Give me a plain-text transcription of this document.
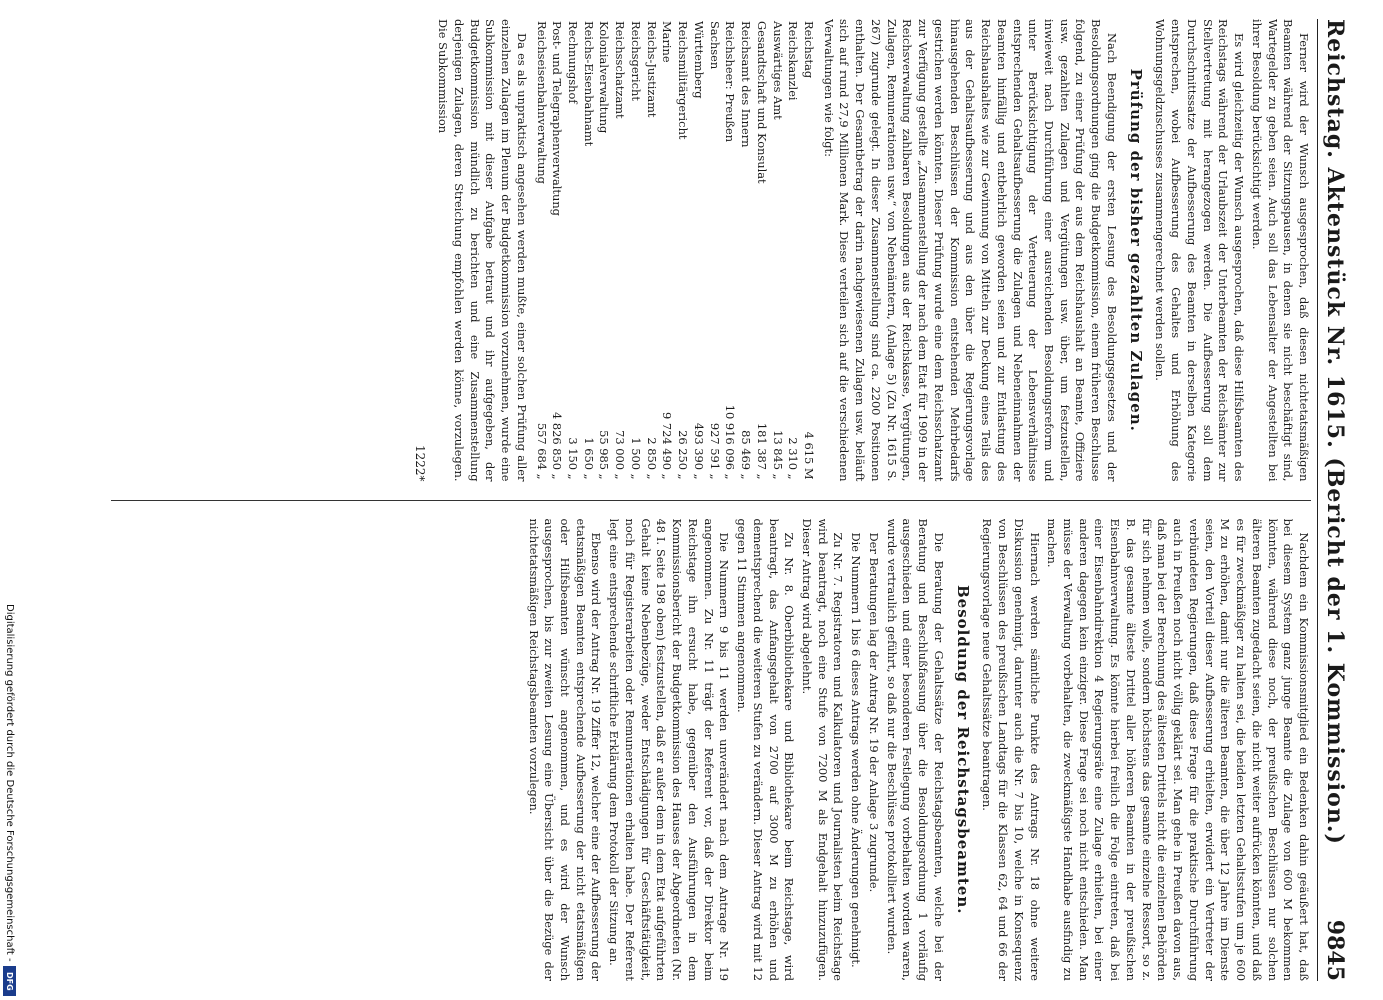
Reichstag. Aktenstück Nr. 1615. (Bericht der 1. Kommission.)
9845

Ferner wird der Wunsch ausgesprochen, daß diesen nichtetatsmäßigen Beamten während der Sitzungspausen, in denen sie nicht beschäftigt sind, Wartegelder zu geben seien. Auch soll das Lebensalter der Angestellten bei ihrer Besoldung berücksichtigt werden.

Es wird gleichzeitig der Wunsch ausgesprochen, daß diese Hilfsbeamten des Reichstags während der Urlaubszeit der Unterbeamten der Reichsämter zur Stellvertretung mit herangezogen werden. Die Aufbesserung soll dem Durchschnittssatze der Aufbesserung des Beamten in derselben Kategorie entsprechen, wobei Aufbesserung des Gehaltes und Erhöhung des Wohnungsgeldzuschusses zusammengerechnet werden sollen.

Prüfung der bisher gezahlten Zulagen.

Nach Beendigung der ersten Lesung des Besoldungsgesetzes und der Besoldungsordnungen ging die Budgetkommission, einem früheren Beschlusse folgend, zu einer Prüfung der aus dem Reichshaushalt an Beamte, Offiziere usw. gezahlten Zulagen und Vergütungen usw. über, um festzustellen, inwieweit nach Durchführung einer ausreichenden Besoldungsreform und unter Berücksichtigung der Verteuerung der Lebensverhältnisse entsprechenden Gehaltsaufbesserung die Zulagen und Nebeneinnahmen der Beamten hinfällig und entbehrlich geworden seien und zur Entlastung des Reichshaushaltes wie zur Gewinnung von Mitteln zur Deckung eines Teils des aus der Gehaltsaufbesserung und aus den über die Regierungsvorlage hinausgehenden Beschlüssen der Kommission entstehenden Mehrbedarfs gestrichen werden könnten. Dieser Prüfung wurde eine dem Reichsschatzamt zur Verfügung gestellte „Zusammenstellung der nach dem Etat für 1909 in der Reichsverwaltung zahlbaren Besoldungen aus der Reichskasse, Vergütungen, Zulagen, Remunerationen usw.“ von Nebenämtern, (Anlage 5) (Zu Nr. 1615 S. 267) zugrunde gelegt. In dieser Zusammenstellung sind ca. 2200 Positionen enthalten. Der Gesamtbetrag der darin nachgewiesenen Zulagen usw. beläuft sich auf rund 27,9 Millionen Mark. Diese verteilen sich auf die verschiedenen Verwaltungen wie folgt:

Reichstag	4 615 M
Reichskanzlei	2 310 „
Auswärtiges Amt	13 845 „
Gesandtschaft und Konsulat	181 387 „
Reichsamt des Innern	85 469 „
Reichsheer: Preußen	10 916 096 „
Sachsen	927 591 „
Württemberg	493 390 „
Reichsmilitärgericht	26 250 „
Marine	9 724 490 „
Reichs-Justizamt	2 850 „
Reichsgericht	1 500 „
Reichsschatzamt	73 000 „
Kolonialverwaltung	55 985 „
Reichs-Eisenbahnamt	1 650 „
Rechnungshof	3 150 „
Post- und Telegraphenverwaltung	4 826 850 „
Reichseisenbahnverwaltung	557 684 „

Da es als unpraktisch angesehen werden mußte, einer solchen Prüfung aller einzelnen Zulagen im Plenum der Budgetkommission vorzunehmen, wurde eine Subkommission mit dieser Aufgabe betraut und ihr aufgegeben, der Budgetkommission mündlich zu berichten und eine Zusammenstellung derjenigen Zulagen, deren Streichung empfohlen werden könne, vorzulegen. Die Subkommission

1222*

Nachdem ein Kommissionsmitglied ein Bedenken dahin geäußert hat, daß bei diesem System ganz junge Beamte die Zulage von 600 M bekommen könnten, während diese noch, der preußischen Beschlüssen nur solchen älteren Beamten zugedacht seien, die nicht weiter aufrücken könnten, und daß es für zweckmäßiger zu halten sei, die beiden letzten Gehaltsstufen um je 600 M zu erhöhen, damit nur die älteren Beamten, die über 12 Jahre im Dienste seien, den Vorteil dieser Aufbesserung erhielten, erwidert ein Vertreter der verbündeten Regierungen, daß diese Frage für die praktische Durchführung auch in Preußen noch nicht völlig geklärt sei. Man gehe in Preußen davon aus, daß man bei der Berechnung des ältesten Drittels nicht die einzelnen Behörden für sich nehmen wolle, sondern höchstens das gesamte einzelne Ressort, so z. B. das gesamte älteste Drittel aller höheren Beamten in der preußischen Eisenbahnverwaltung. Es könnte hierbei freilich die Folge eintreten, daß bei einer Eisenbahndirektion 4 Regierungsräte eine Zulage erhielten, bei einer anderen dagegen kein einziger. Diese Frage sei noch nicht entschieden. Man müsse der Verwaltung vorbehalten, die zweckmäßigste Handhabe ausfindig zu machen.

Hiernach werden sämtliche Punkte des Antrags Nr. 18 ohne weitere Diskussion genehmigt, darunter auch die Nr. 7 bis 10, welche in Konsequenz von Beschlüssen des preußischen Landtags für die Klassen 62, 64 und 66 der Regierungsvorlage neue Gehaltssätze beantragen.

Besoldung der Reichstagsbeamten.

Die Beratung der Gehaltssätze der Reichstagsbeamten, welche bei der Beratung und Beschlußfassung über die Besoldungsordnung 1 vorläufig ausgeschieden und einer besonderen Festlegung vorbehalten worden waren, wurde vertraulich geführt, so daß nur die Beschlüsse protokolliert wurden.

Der Beratungen lag der Antrag Nr. 19 der Anlage 3 zugrunde.

Die Nummern 1 bis 6 dieses Antrags werden ohne Änderungen genehmigt.

Zu Nr. 7. Registratoren und Kalkulatoren und Journalisten beim Reichstage wird beantragt, noch eine Stufe von 7200 M als Endgehalt hinzuzufügen. Dieser Antrag wird abgelehnt.

Zu Nr. 8. Oberbibliothekare und Bibliothekare beim Reichstage, wird beantragt, das Anfangsgehalt von 2700 auf 3000 M zu erhöhen und dementsprechend die weiteren Stufen zu verändern. Dieser Antrag wird mit 12 gegen 11 Stimmen angenommen.

Die Nummern 9 bis 11 werden unverändert nach dem Antrage Nr. 19 angenommen. Zu Nr. 11 trägt der Referent vor, daß der Direktor beim Reichstage ihn ersucht habe, gegenüber den Ausführungen in dem Kommissionsbericht der Budgetkommission des Hauses der Abgeordneten (Nr. 48 I. Seite 198 oben) festzustellen, daß er außer dem in dem Etat aufgeführten Gehalt keine Nebenbezüge, weder Entschädigungen für Geschäftstätigkeit, noch für Registerarbeiten oder Remunerationen erhalten habe. Der Referent legt eine entsprechende schriftliche Erklärung dem Protokoll der Sitzung an.

Ebenso wird der Antrag Nr. 19 Ziffer 12, welcher eine der Aufbesserung der etatsmäßigen Beamten entsprechende Aufbesserung der nicht etatsmäßigen oder Hilfsbeamten wünscht angenommen, und es wird der Wunsch ausgesprochen, bis zur zweiten Lesung eine Übersicht über die Bezüge der nichtetatsmäßigen Reichstagsbeamten vorzulegen.

Digitalisierung gefördert durch die Deutsche Forschungsgemeinschaft -
DFG
